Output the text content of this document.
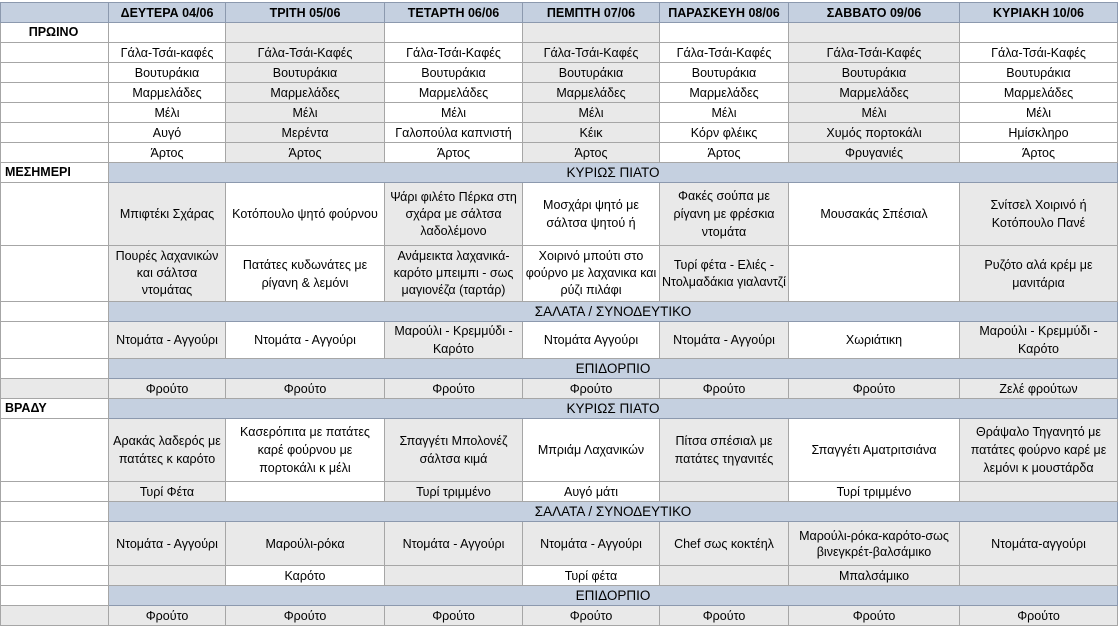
	ΔΕΥΤΕΡΑ 04/06	ΤΡΙΤΗ 05/06	ΤΕΤΑΡΤΗ 06/06	ΠΕΜΠΤΗ 07/06	ΠΑΡΑΣΚΕΥΗ 08/06	ΣΑΒΒΑΤΟ 09/06	ΚΥΡΙΑΚΗ 10/06
ΠΡΩΙΝΟ							
	Γάλα-Τσάι-καφές	Γάλα-Τσάι-Καφές	Γάλα-Τσάι-Καφές	Γάλα-Τσάι-Καφές	Γάλα-Τσάι-Καφές	Γάλα-Τσάι-Καφές	Γάλα-Τσάι-Καφές
	Βουτυράκια	Βουτυράκια	Βουτυράκια	Βουτυράκια	Βουτυράκια	Βουτυράκια	Βουτυράκια
	Μαρμελάδες	Μαρμελάδες	Μαρμελάδες	Μαρμελάδες	Μαρμελάδες	Μαρμελάδες	Μαρμελάδες
	Μέλι	Μέλι	Μέλι	Μέλι	Μέλι	Μέλι	Μέλι
	Αυγό	Μερέντα	Γαλοπούλα καπνιστή	Κέικ	Κόρν φλέικς	Χυμός πορτοκάλι	Ημίσκληρο
	Άρτος	Άρτος	Άρτος	Άρτος	Άρτος	Φρυγανιές	Άρτος
ΜΕΣΗΜΕΡΙ	ΚΥΡΙΩΣ ΠΙΑΤΟ						
	Μπιφτέκι Σχάρας	Κοτόπουλο ψητό φούρνου	Ψάρι φιλέτο Πέρκα στη σχάρα με σάλτσα λαδολέμονο	Μοσχάρι ψητό με σάλτσα ψητού ή	Φακές σούπα με ρίγανη με φρέσκια ντομάτα	Μουσακάς Σπέσιαλ	Σνίτσελ Χοιρινό ή Κοτόπουλο Πανέ
	Πουρές λαχανικών και σάλτσα ντομάτας	Πατάτες κυδωνάτες με ρίγανη & λεμόνι	Ανάμεικτα λαχανικά-καρότο μπειμπι - σως μαγιονέζα (ταρτάρ)	Χοιρινό μπούτι στο φούρνο με λαχανικα και ρύζι πιλάφι	Τυρί φέτα - Ελιές - Ντολμαδάκια γιαλαντζί		Ρυζότο αλά κρέμ με μανιτάρια
	ΣΑΛΑΤΑ / ΣΥΝΟΔΕΥΤΙΚΟ						
	Ντομάτα - Αγγούρι	Ντομάτα - Αγγούρι	Μαρούλι - Κρεμμύδι - Καρότο	Ντομάτα Αγγούρι	Ντομάτα - Αγγούρι	Χωριάτικη	Μαρούλι - Κρεμμύδι - Καρότο
	ΕΠΙΔΟΡΠΙΟ						
	Φρούτο	Φρούτο	Φρούτο	Φρούτο	Φρούτο	Φρούτο	Ζελέ φρούτων
ΒΡΑΔΥ	ΚΥΡΙΩΣ ΠΙΑΤΟ						
	Αρακάς λαδερός με πατάτες κ καρότο	Κασερόπιτα με πατάτες καρέ φούρνου με πορτοκάλι κ μέλι	Σπαγγέτι Μπολονέζ σάλτσα κιμά	Μπριάμ Λαχανικών	Πίτσα σπέσιαλ με πατάτες τηγανιτές	Σπαγγέτι Αματριτσιάνα	Θράψαλο Τηγανητό με πατάτες φούρνο καρέ με λεμόνι κ μουστάρδα
	Τυρί Φέτα		Τυρί τριμμένο	Αυγό μάτι		Τυρί τριμμένο	
	ΣΑΛΑΤΑ / ΣΥΝΟΔΕΥΤΙΚΟ						
	Ντομάτα - Αγγούρι	Μαρούλι-ρόκα	Ντομάτα - Αγγούρι	Ντομάτα - Αγγούρι	Chef σως κοκτέηλ	Μαρούλι-ρόκα-καρότο-σως βινεγκρέτ-βαλσάμικο	Ντομάτα-αγγούρι
		Καρότο		Τυρί φέτα		Μπαλσάμικο	
	ΕΠΙΔΟΡΠΙΟ						
	Φρούτο	Φρούτο	Φρούτο	Φρούτο	Φρούτο	Φρούτο	Φρούτο
